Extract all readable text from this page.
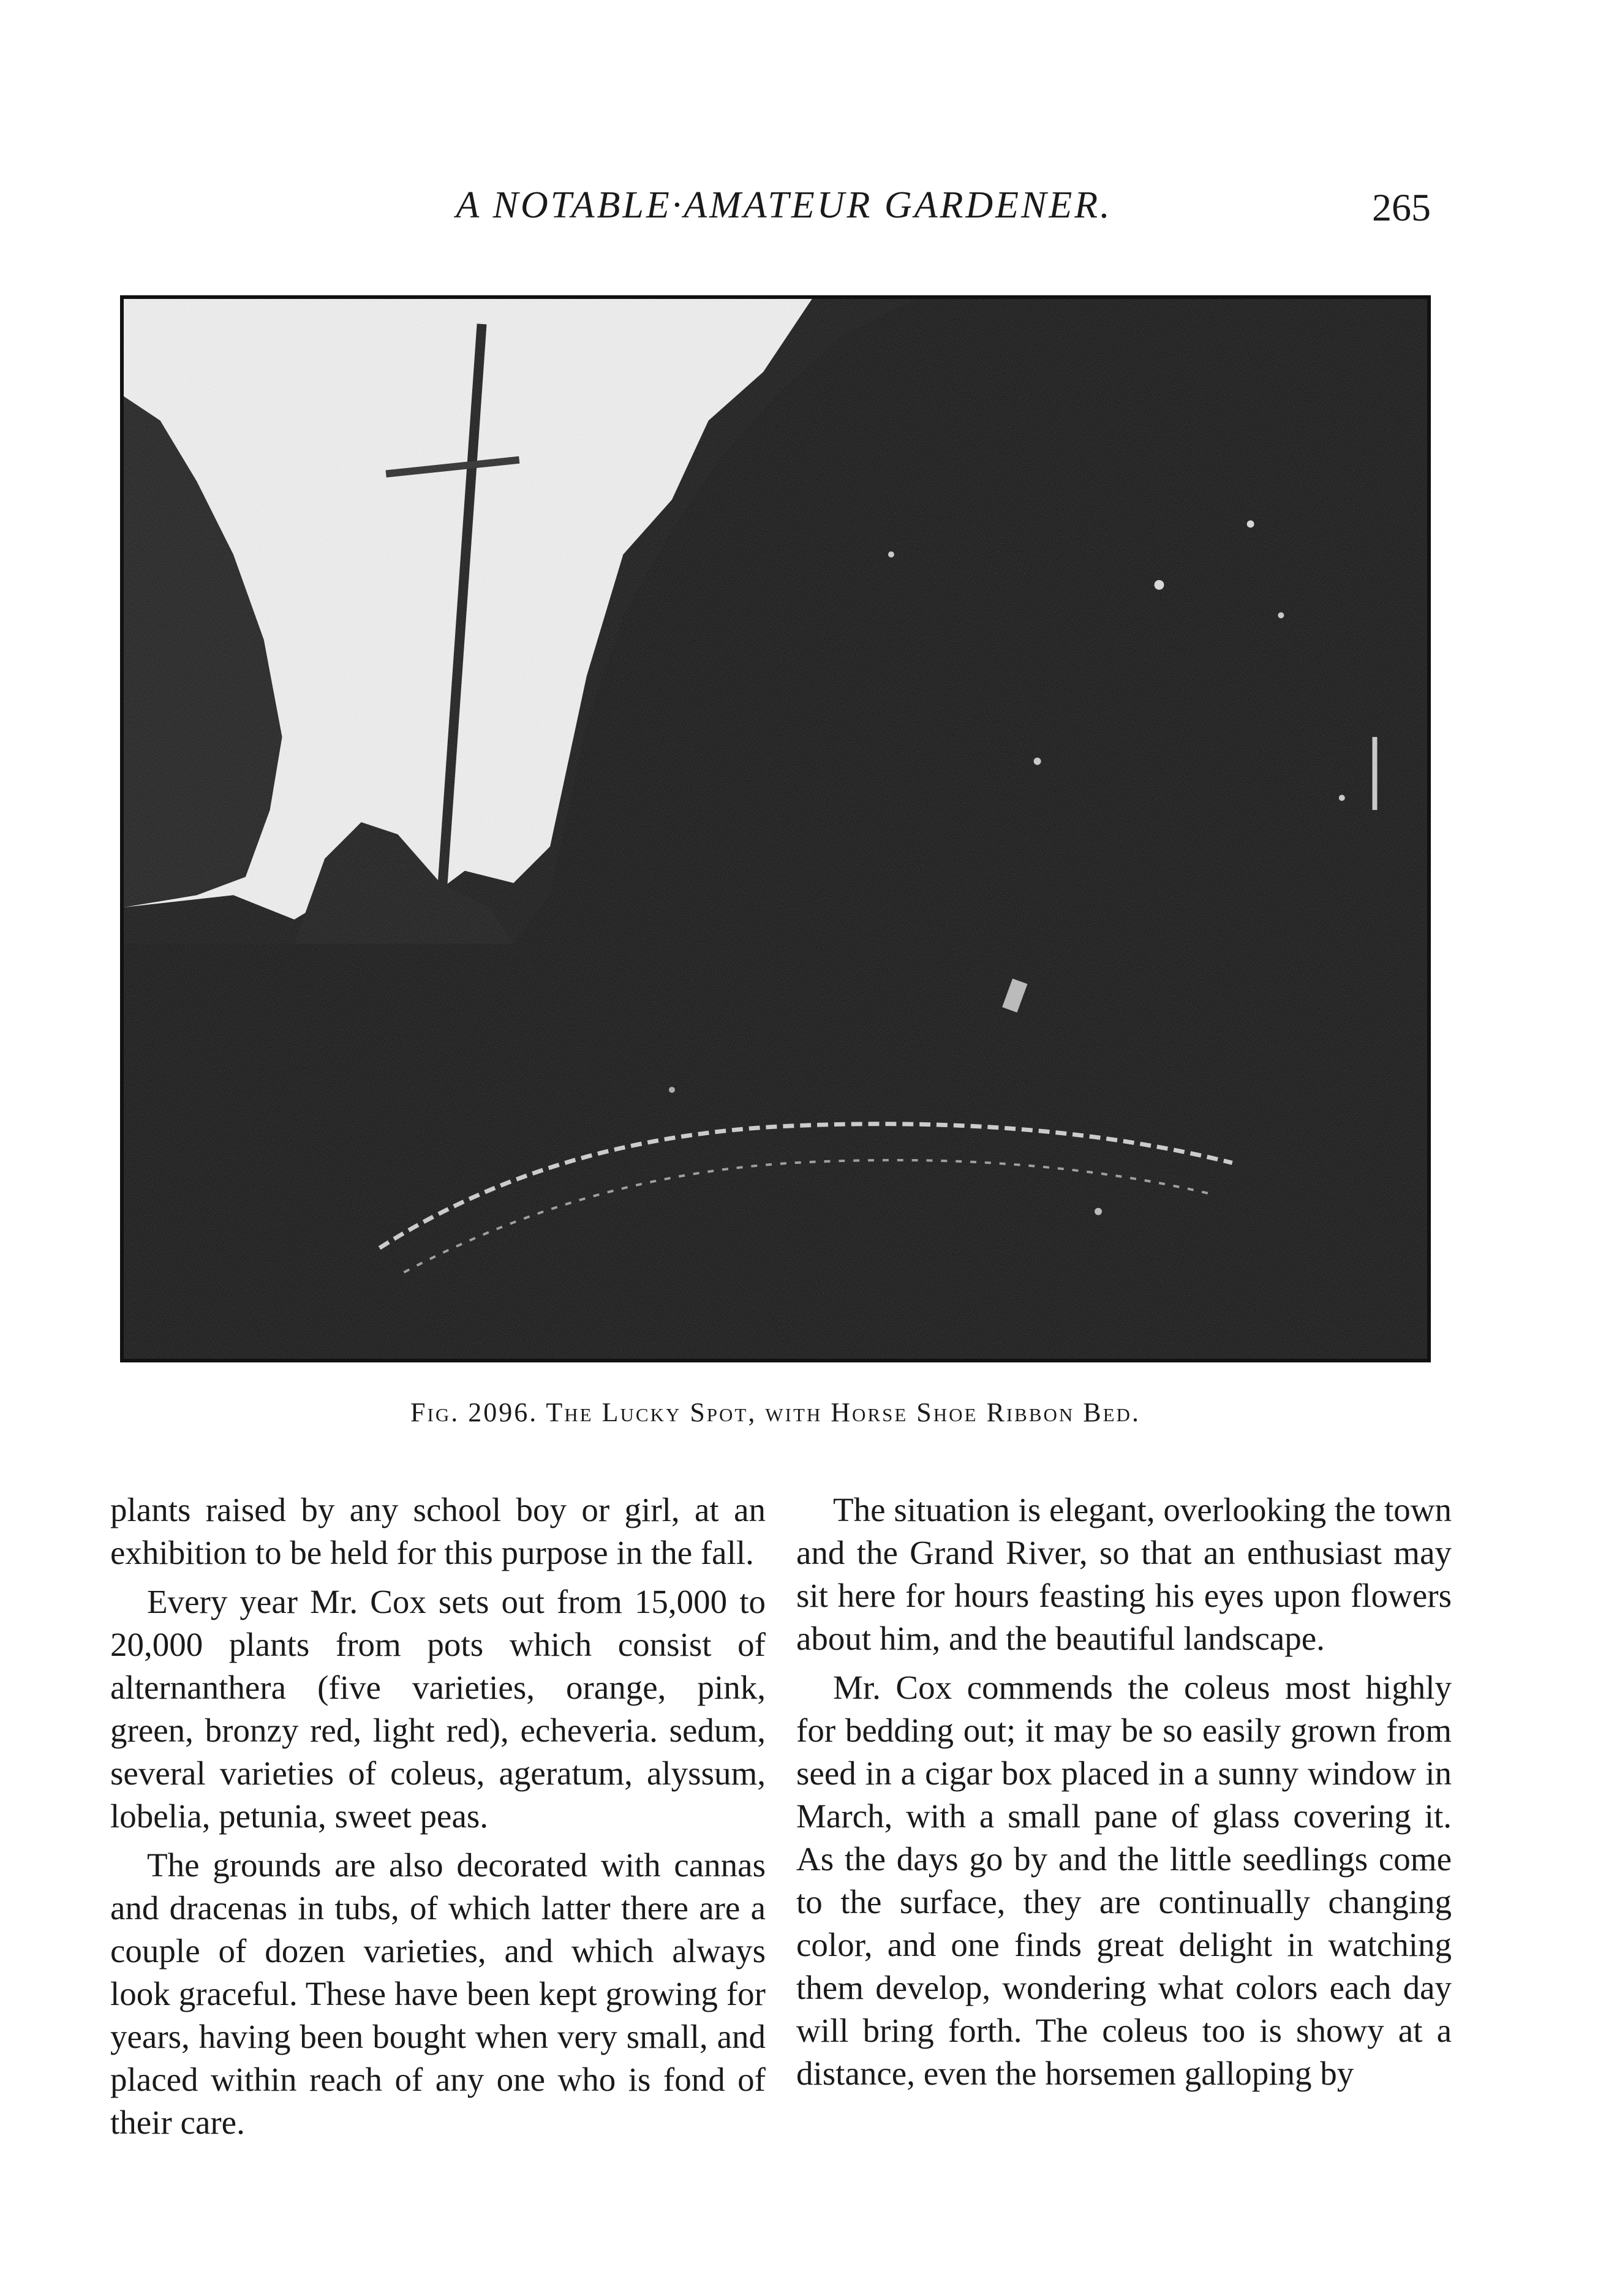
A NOTABLE·AMATEUR GARDENER.	265
Fig. 2096. The Lucky Spot, with Horse Shoe Ribbon Bed.

plants raised by any school boy or girl, at an exhibition to be held for this purpose in the fall.

Every year Mr. Cox sets out from 15,000 to 20,000 plants from pots which consist of alternanthera (five varieties, orange, pink, green, bronzy red, light red), echeveria. sedum, several varieties of coleus, ageratum, alyssum, lobelia, petunia, sweet peas.

The grounds are also decorated with cannas and dracenas in tubs, of which latter there are a couple of dozen varieties, and which always look graceful. These have been kept growing for years, having been bought when very small, and placed within reach of any one who is fond of their care.

The situation is elegant, overlooking the town and the Grand River, so that an enthusiast may sit here for hours feasting his eyes upon flowers about him, and the beautiful landscape.

Mr. Cox commends the coleus most highly for bedding out; it may be so easily grown from seed in a cigar box placed in a sunny window in March, with a small pane of glass covering it. As the days go by and the little seedlings come to the surface, they are continually changing color, and one finds great delight in watching them develop, wondering what colors each day will bring forth. The coleus too is showy at a distance, even the horsemen galloping by
